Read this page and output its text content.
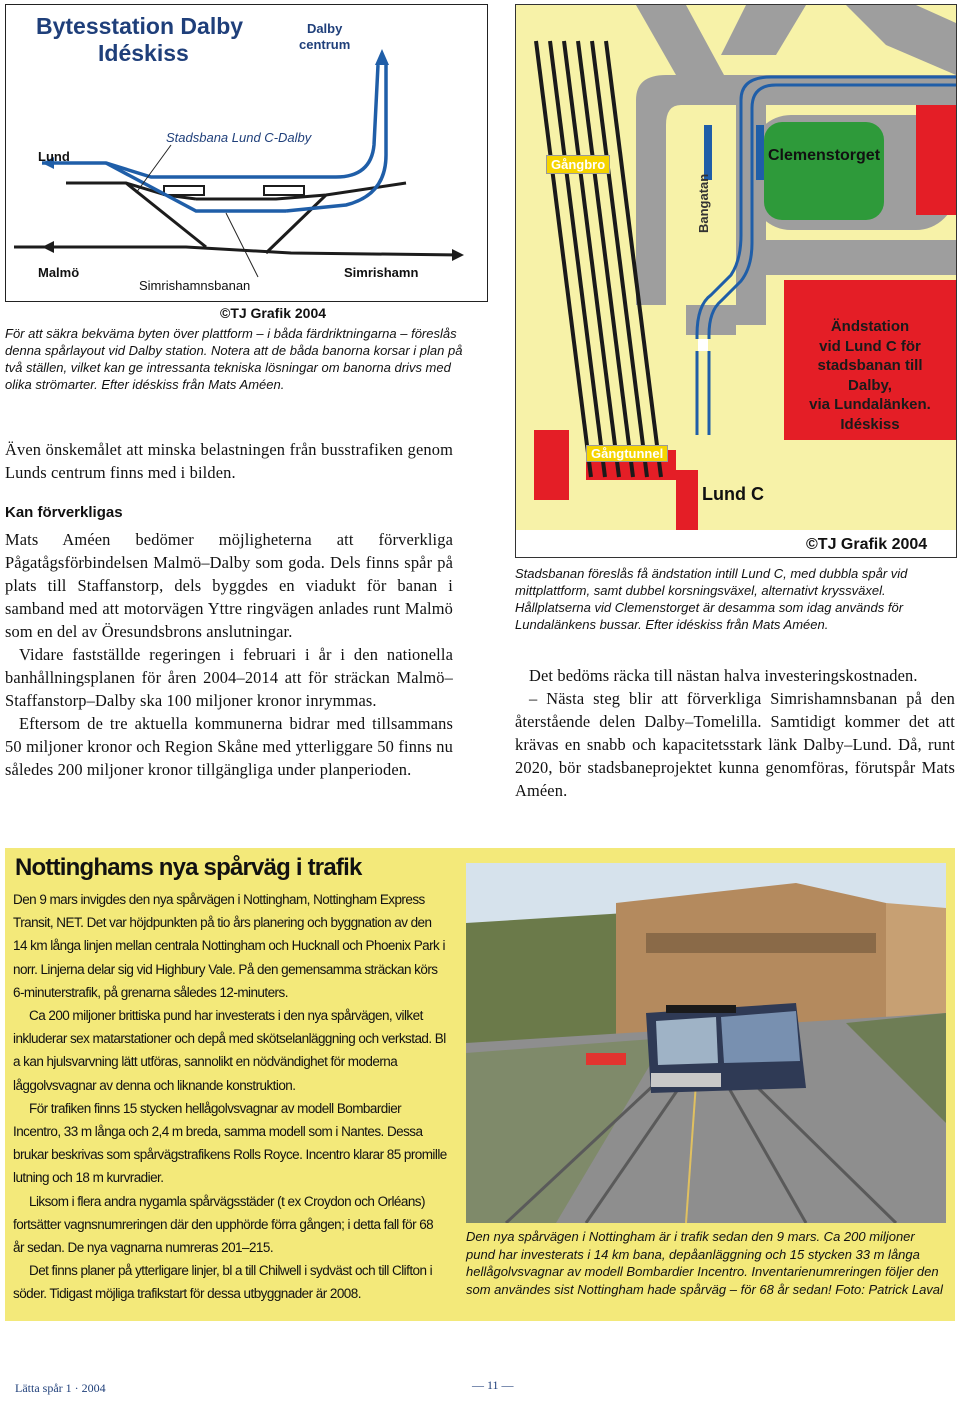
Bytesstation Dalby
Idéskiss
Dalby
centrum
Stadsbana Lund C-Dalby
Lund
Malmö
Simrishamnsbanan
Simrishamn
©TJ Grafik 2004
För att säkra bekväma byten över plattform – i båda färdriktningarna – föreslås denna spårlayout vid Dalby station. Notera att de båda banorna korsar i plan på två ställen, vilket kan ge intressanta tekniska lösningar om banorna drivs med olika strömarter. Efter idéskiss från Mats Améen.

Även önskemålet att minska belastningen från busstrafiken genom Lunds centrum finns med i bilden.

Kan förverkligas

Mats Améen bedömer möjligheterna att förverkliga Pågatågsförbindelsen Malmö–Dalby som goda. Dels finns spår på plats till Staffanstorp, dels byggdes en viadukt för banan i samband med att motorvägen Yttre ringvägen anlades runt Malmö som en del av Öresundsbrons anslutningar.

Vidare fastställde regeringen i februari i år i den nationella banhållningsplanen för åren 2004–2014 att för sträckan Malmö–Staffanstorp–Dalby ska 100 miljoner kronor inrymmas.

Eftersom de tre aktuella kommunerna bidrar med tillsammans 50 miljoner kronor och Region Skåne med ytterliggare 50 finns nu således 200 miljoner kronor tillgängliga under planperioden.

Gångbro
Clemenstorget
Bangatan
Ändstation
vid Lund C för
stadsbanan till
Dalby,
via Lundalänken.
Idéskiss
Gångtunnel
Lund C
©TJ Grafik 2004
Stadsbanan föreslås få ändstation intill Lund C, med dubbla spår vid mittplattform, samt dubbel korsningsväxel, alternativt kryssväxel. Hållplatserna vid Clemenstorget är desamma som idag används för Lundalänkens bussar. Efter idéskiss från Mats Améen.

Det bedöms räcka till nästan halva investeringskostnaden.

– Nästa steg blir att förverkliga Simrishamnsbanan på den återstående delen Dalby–Tomelilla. Samtidigt kommer det att krävas en snabb och kapacitetsstark länk Dalby–Lund. Då, runt 2020, bör stadsbaneprojektet kunna genomföras, förutspår Mats Améen.

Nottinghams nya spårväg i trafik

Den 9 mars invigdes den nya spårvägen i Nottingham, Nottingham Express Transit, NET. Det var höjdpunkten på tio års planering och byggnation av den 14 km långa linjen mellan centrala Nottingham och Hucknall och Phoenix Park i norr. Linjerna delar sig vid Highbury Vale. På den gemensamma sträckan körs 6-minuterstrafik, på grenarna således 12-minuters.

Ca 200 miljoner brittiska pund har investerats i den nya spårvägen, vilket inkluderar sex matarstationer och depå med skötselanläggning och verkstad. Bl a kan hjulsvarvning lätt utföras, sannolikt en nödvändighet för moderna låggolvsvagnar av denna och liknande konstruktion.

För trafiken finns 15 stycken hellågolvsvagnar av modell Bombardier Incentro, 33 m långa och 2,4 m breda, samma modell som i Nantes. Dessa brukar beskrivas som spårvägstrafikens Rolls Royce. Incentro klarar 85 promille lutning och 18 m kurvradier.

Liksom i flera andra nygamla spårvägsstäder (t ex Croydon och Orléans) fortsätter vagnsnumreringen där den upphörde förra gången; i detta fall för 68 år sedan. De nya vagnarna numreras 201–215.

Det finns planer på ytterligare linjer, bl a till Chilwell i sydväst och till Clifton i söder. Tidigast möjliga trafikstart för dessa utbyggnader är 2008.

Den nya spårvägen i Nottingham är i trafik sedan den 9 mars. Ca 200 miljoner pund har investerats i 14 km bana, depåanläggning och 15 stycken 33 m långa hellågolvsvagnar av modell Bombardier Incentro. Inventarienumreringen följer den som användes sist Nottingham hade spårväg – för 68 år sedan! Foto: Patrick Laval
Lätta spår 1 · 2004	— 11 —
